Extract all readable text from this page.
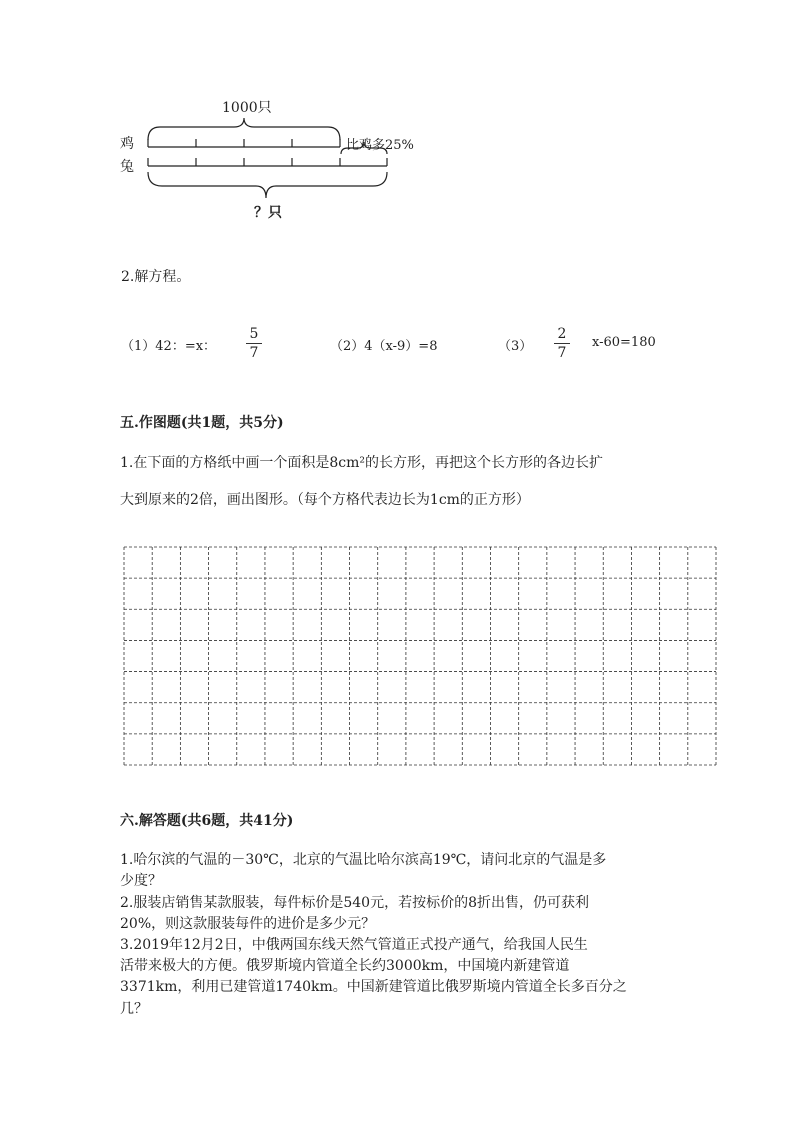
1000只
鸡
兔
比鸡多25%
？只
2.解方程。
（1）42：=x：
5
7	（2）4（x-9）=8	（3）
2
7
x-60=180
五.作图题(共1题，共5分)
1.在下面的方格纸中画一个面积是8cm²的长方形，再把这个长方形的各边长扩
大到原来的2倍，画出图形。（每个方格代表边长为1cm的正方形）
六.解答题(共6题，共41分)
1.哈尔滨的气温的－30℃，北京的气温比哈尔滨高19℃，请问北京的气温是多
少度？
2.服装店销售某款服装，每件标价是540元，若按标价的8折出售，仍可获利
20%，则这款服装每件的进价是多少元？
3.2019年12月2日，中俄两国东线天然气管道正式投产通气，给我国人民生
活带来极大的方便。俄罗斯境内管道全长约3000km，中国境内新建管道
3371km，利用已建管道1740km。中国新建管道比俄罗斯境内管道全长多百分之
几？
